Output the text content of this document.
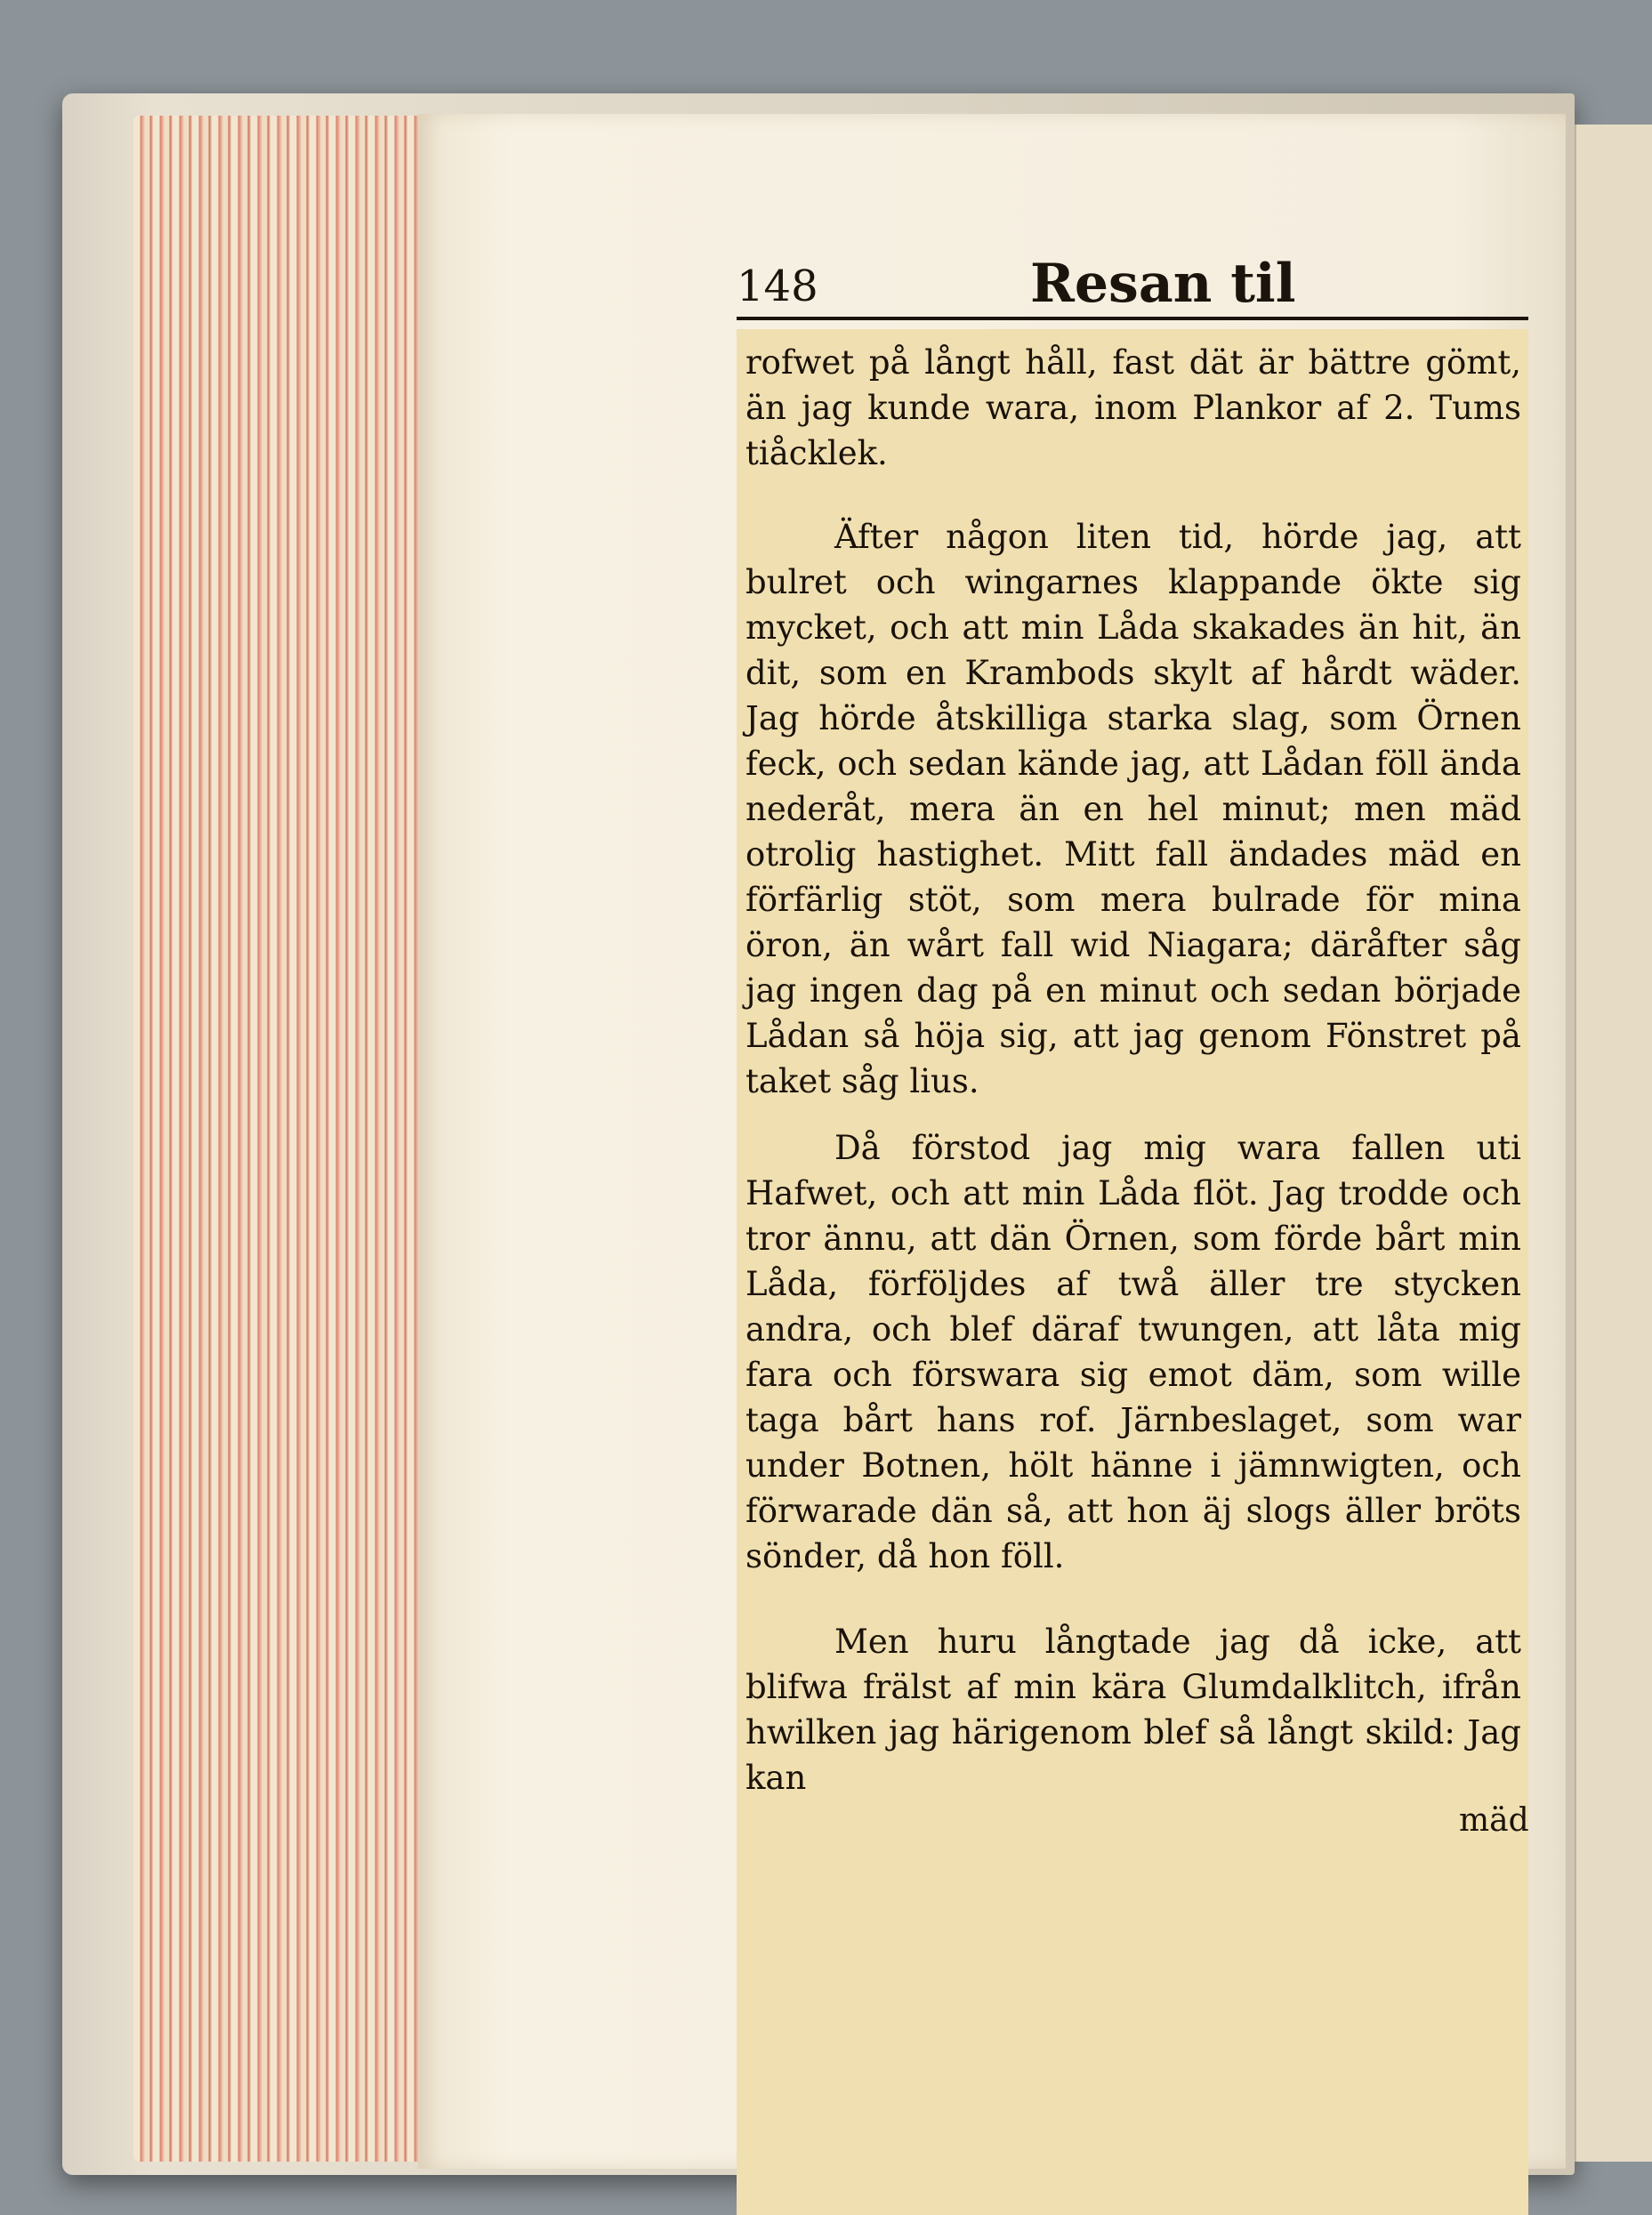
148	Resan til

rofwet på långt håll, fast dät är bättre gömt, än jag kunde wara, inom Plankor af 2. Tums tiåcklek.

Äfter någon liten tid, hörde jag, att bulret och wingarnes klappande ökte sig mycket, och att min Låda skakades än hit, än dit, som en Krambods skylt af hårdt wäder. Jag hörde åtskilliga starka slag, som Örnen feck, och sedan kände jag, att Lådan föll ända nederåt, mera än en hel minut; men mäd otrolig hastighet. Mitt fall ändades mäd en förfärlig stöt, som mera bulrade för mina öron, än wårt fall wid Niagara; däråfter såg jag ingen dag på en minut och sedan började Lådan så höja sig, att jag genom Fönstret på taket såg lius.

Då förstod jag mig wara fallen uti Hafwet, och att min Låda flöt. Jag trodde och tror ännu, att dän Örnen, som förde bårt min Låda, förföljdes af twå äller tre stycken andra, och blef däraf twungen, att låta mig fara och förswara sig emot däm, som wille taga bårt hans rof. Järnbeslaget, som war under Botnen, hölt hänne i jämnwigten, och förwarade dän så, att hon äj slogs äller bröts sönder, då hon föll.

Men huru långtade jag då icke, att blifwa frälst af min kära Glumdalklitch, ifrån hwilken jag härigenom blef så långt skild: Jag kan

mäd
